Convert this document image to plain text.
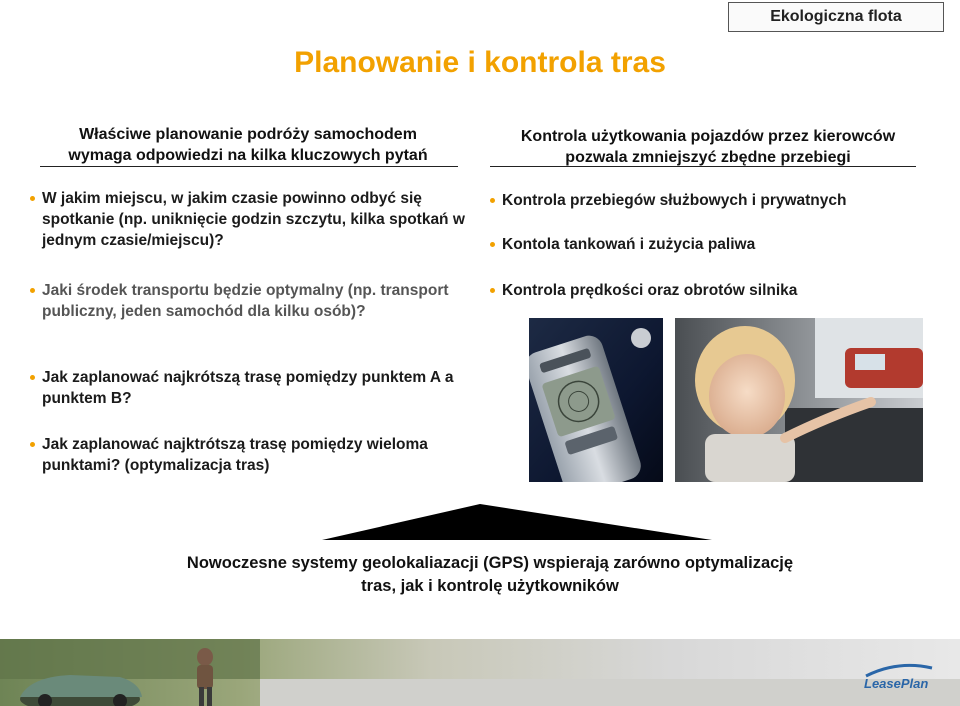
Ekologiczna flota
Planowanie i kontrola tras
Właściwe planowanie podróży samochodem
wymaga odpowiedzi na kilka kluczowych pytań
W jakim miejscu, w jakim czasie powinno odbyć się spotkanie (np. uniknięcie godzin szczytu, kilka spotkań w jednym czasie/miejscu)?
Jaki środek transportu będzie optymalny (np. transport publiczny, jeden samochód dla kilku osób)?
Jak zaplanować najkrótszą trasę pomiędzy punktem A a punktem B?
Jak zaplanować najktrótszą trasę pomiędzy wieloma punktami? (optymalizacja tras)
Kontrola użytkowania pojazdów przez kierowców
pozwala zmniejszyć zbędne przebiegi
Kontrola przebiegów służbowych i prywatnych
Kontola tankowań i zużycia paliwa
Kontrola prędkości oraz obrotów silnika
Nowoczesne systemy geolokaliazacji (GPS) wspierają zarówno optymalizację
tras, jak i kontrolę użytkowników
LeasePlan
